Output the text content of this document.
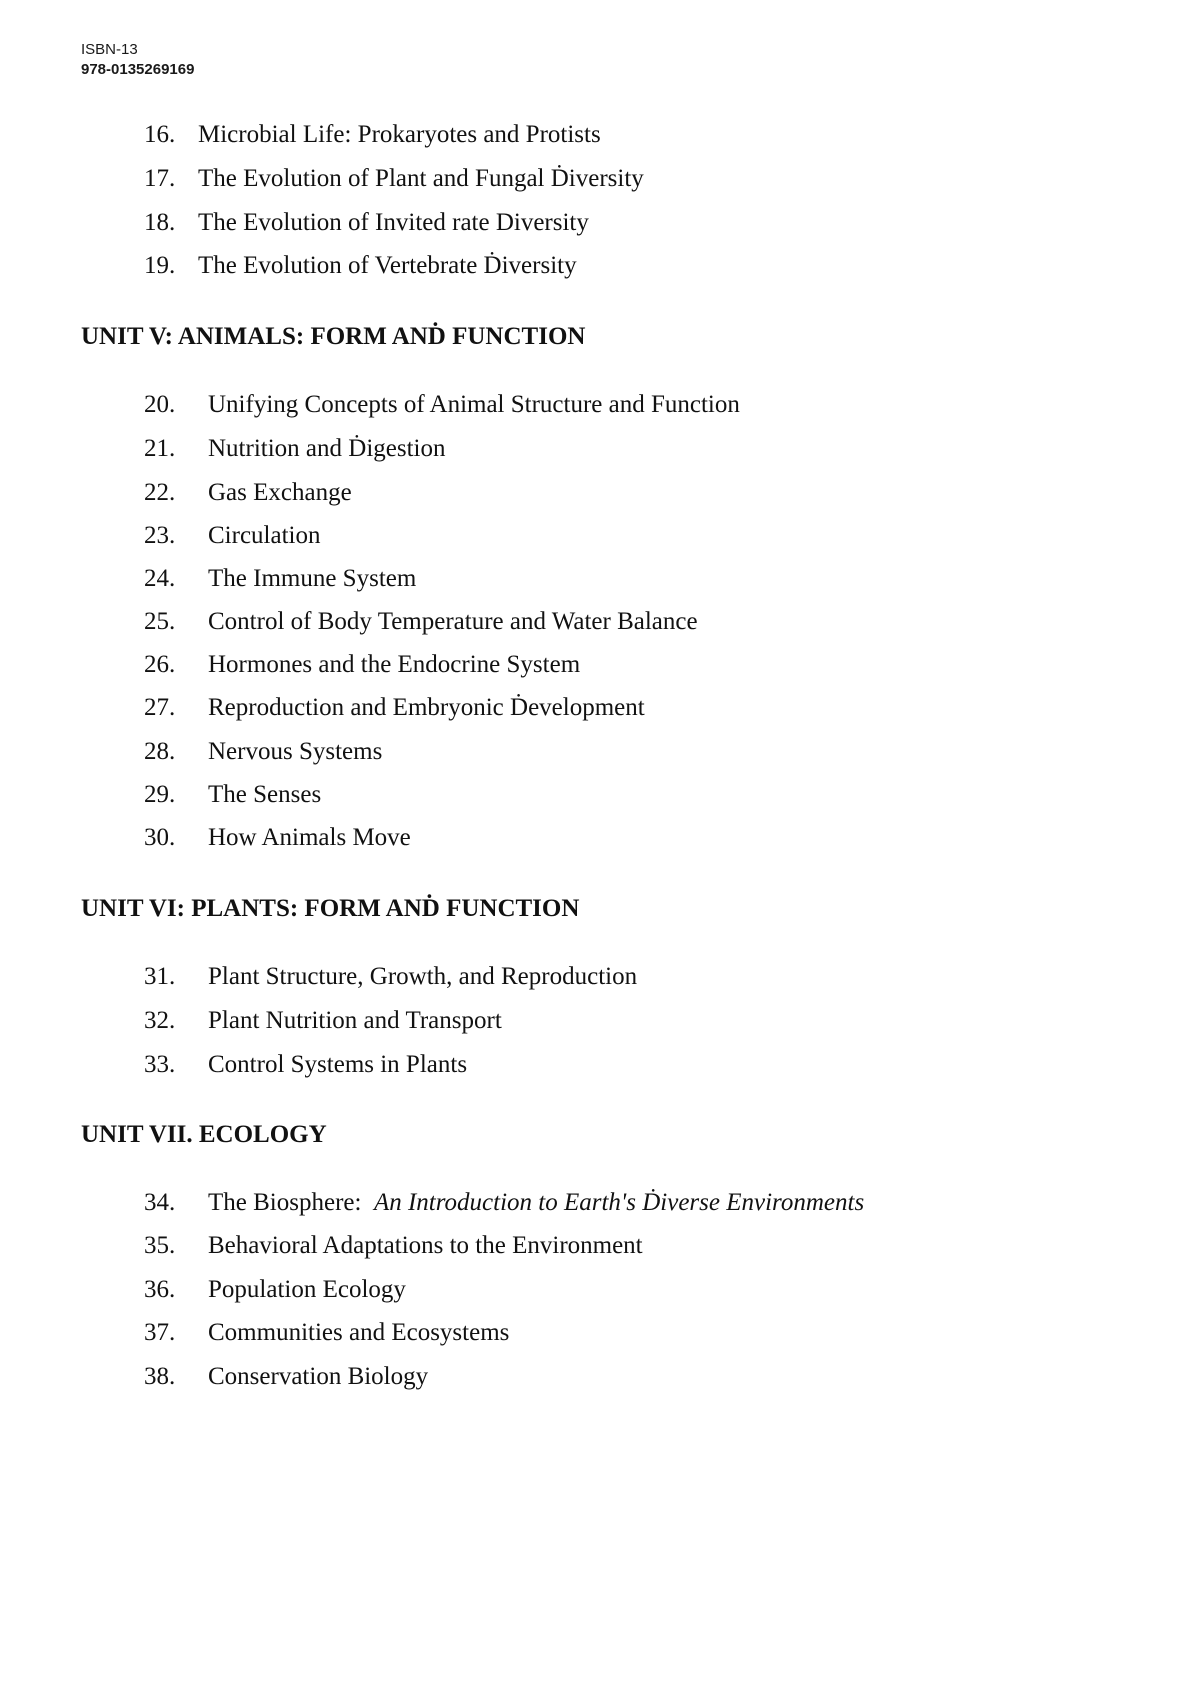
ISBN-13
978-0135269169
16. Microbial Life: Prokaryotes and Protists
17. The Evolution of Plant and Fungal Ḋiversity
18. The Evolution of Invited rate Diversity
19. The Evolution of Vertebrate Ḋiversity
UNIT V: ANIMALS: FORM ANḊ FUNCTION
20. Unifying Concepts of Animal Structure and Function
21. Nutrition and Ḋigestion
22. Gas Exchange
23. Circulation
24. The Immune System
25. Control of Body Temperature and Water Balance
26. Hormones and the Endocrine System
27. Reproduction and Embryonic Ḋevelopment
28. Nervous Systems
29. The Senses
30. How Animals Move
UNIT VI: PLANTS: FORM ANḊ FUNCTION
31. Plant Structure, Growth, and Reproduction
32. Plant Nutrition and Transport
33. Control Systems in Plants
UNIT VII. ECOLOGY
34. The Biosphere: An Introduction to Earth's Ḋiverse Environments
35. Behavioral Adaptations to the Environment
36. Population Ecology
37. Communities and Ecosystems
38. Conservation Biology
